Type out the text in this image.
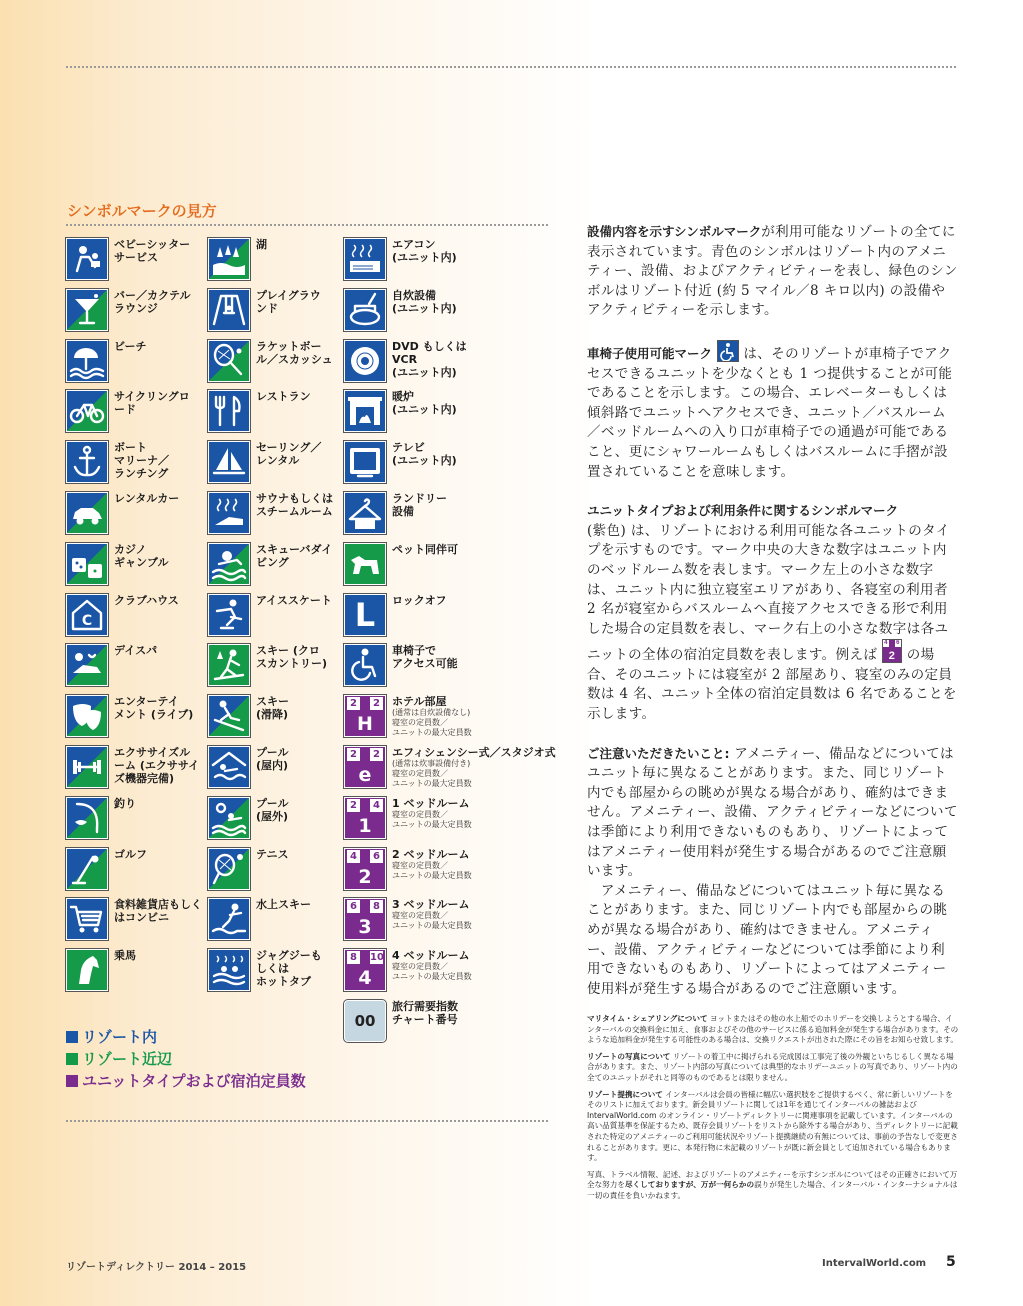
シンボルマークの見方
ベビーシッター
サービス
バー／カクテル
ラウンジ
ビーチ
サイクリングロ
ード
ボート
マリーナ／
ランチング
レンタルカー
カジノ
ギャンブル
C
クラブハウス
デイスパ
エンターテイ
メント (ライブ)
エクササイズル
ーム (エクササイ
ズ機器完備)
釣り
ゴルフ
食料雑貨店もしく
はコンビニ
乗馬
湖
プレイグラウ
ンド
ラケットボー
ル／スカッシュ
レストラン
セーリング／
レンタル
サウナもしくは
スチームルーム
スキューバダイ
ビング
アイススケート
スキー (クロ
スカントリー)
スキー
(滑降)
プール
(屋内)
プール
(屋外)
テニス
水上スキー
ジャグジーも
しくは
ホットタブ
エアコン
(ユニット内)
自炊設備
(ユニット内)
DVD もしくは
VCR
(ユニット内)
暖炉
(ユニット内)
テレビ
(ユニット内)
ランドリー
設備
ペット同伴可
L	ロックオフ
車椅子で
アクセス可能
2	2
H
ホテル部屋
(通常は自炊設備なし)
寝室の定員数／
ユニットの最大定員数
2	2
e
エフィシェンシー式／スタジオ式
(通常は炊事設備付き)
寝室の定員数／
ユニットの最大定員数
2	4
1
1 ベッドルーム
寝室の定員数／
ユニットの最大定員数
4	6
2
2 ベッドルーム
寝室の定員数／
ユニットの最大定員数
6	8
3
3 ベッドルーム
寝室の定員数／
ユニットの最大定員数
8	10
4
4 ベッドルーム
寝室の定員数／
ユニットの最大定員数
00
旅行需要指数
チャート番号
リゾート内
リゾート近辺
ユニットタイプおよび宿泊定員数

設備内容を示すシンボルマークが利用可能なリゾートの全てに表示されています。青色のシンボルはリゾート内のアメニティー、設備、およびアクティビティーを表し、緑色のシンボルはリゾート付近 (約 5 マイル／8 キロ以内) の設備やアクティビティーを示します。

車椅子使用可能マーク
は、そのリゾートが車椅子でアクセスできるユニットを少なくとも 1 つ提供することが可能であることを示します。この場合、エレベーターもしくは傾斜路でユニットへアクセスでき、ユニット／バスルーム／ベッドルームへの入り口が車椅子での通過が可能であること、更にシャワールームもしくはバスルームに手摺が設置されていることを意味します。

ユニットタイプおよび利用条件に関するシンボルマーク
(紫色) は、リゾートにおける利用可能な各ユニットのタイプを示すものです。マーク中央の大きな数字はユニット内のベッドルーム数を表します。マーク左上の小さな数字は、ユニット内に独立寝室エリアがあり、各寝室の利用者 2 名が寝室からバスルームへ直接アクセスできる形で利用した場合の定員数を表し、マーク右上の小さな数字は各ユニットの全体の宿泊定員数を表します。例えば
4 6
2 の場合、そのユニットには寝室が 2 部屋あり、寝室のみの定員数は 4 名、ユニット全体の宿泊定員数は 6 名であることを示します。

ご注意いただきたいこと: アメニティー、備品などについてはユニット毎に異なることがあります。また、同じリゾート内でも部屋からの眺めが異なる場合があり、確約はできません。アメニティー、設備、アクティビティーなどについては季節により利用できないものもあり、リゾートによってはアメニティー使用料が発生する場合があるのでご注意願います。
　アメニティー、備品などについてはユニット毎に異なることがあります。また、同じリゾート内でも部屋からの眺めが異なる場合があり、確約はできません。アメニティー、設備、アクティビティーなどについては季節により利用できないものもあり、リゾートによってはアメニティー使用料が発生する場合があるのでご注意願います。

マリタイム・シェアリングについて ヨットまたはその他の水上船でのホリデーを交換しようとする場合、インターバルの交換料金に加え、食事およびその他のサービスに係る追加料金が発生する場合があります。そのような追加料金が発生する可能性のある場合は、交換リクエストが出された際にその旨をお知らせ致します。

リゾートの写真について リゾートの着工中に掲げられる完成図は工事完了後の外観といちじるしく異なる場合があります。また、リゾート内部の写真については典型的なホリデーユニットの写真であり、リゾート内の全てのユニットがそれと同等のものであるとは限りません。

リゾート提携について インターバルは会員の皆様に幅広い選択肢をご提供するべく、常に新しいリゾートをそのリストに加えております。新会員リゾートに関しては1年を通じてインターバルの雑誌および IntervalWorld.com のオンライン・リゾートディレクトリーに関連事項を記載しています。インターバルの高い品質基準を保証するため、既存会員リゾートをリストから除外する場合があり、当ディレクトリーに記載された特定のアメニティーのご利用可能状況やリゾート提携継続の有無については、事前の予告なしで変更されることがあります。更に、本発行物に未記載のリゾートが既に新会員として追加されている場合もあります。

写真、トラベル情報、記述、およびリゾートのアメニティーを示すシンボルについてはその正確さにおいて万全な努力を尽くしておりますが、万が一何らかの誤りが発生した場合、インターバル・インターナショナルは一切の責任を負いかねます。

リゾートディレクトリー 2014 – 2015	IntervalWorld.com 5
